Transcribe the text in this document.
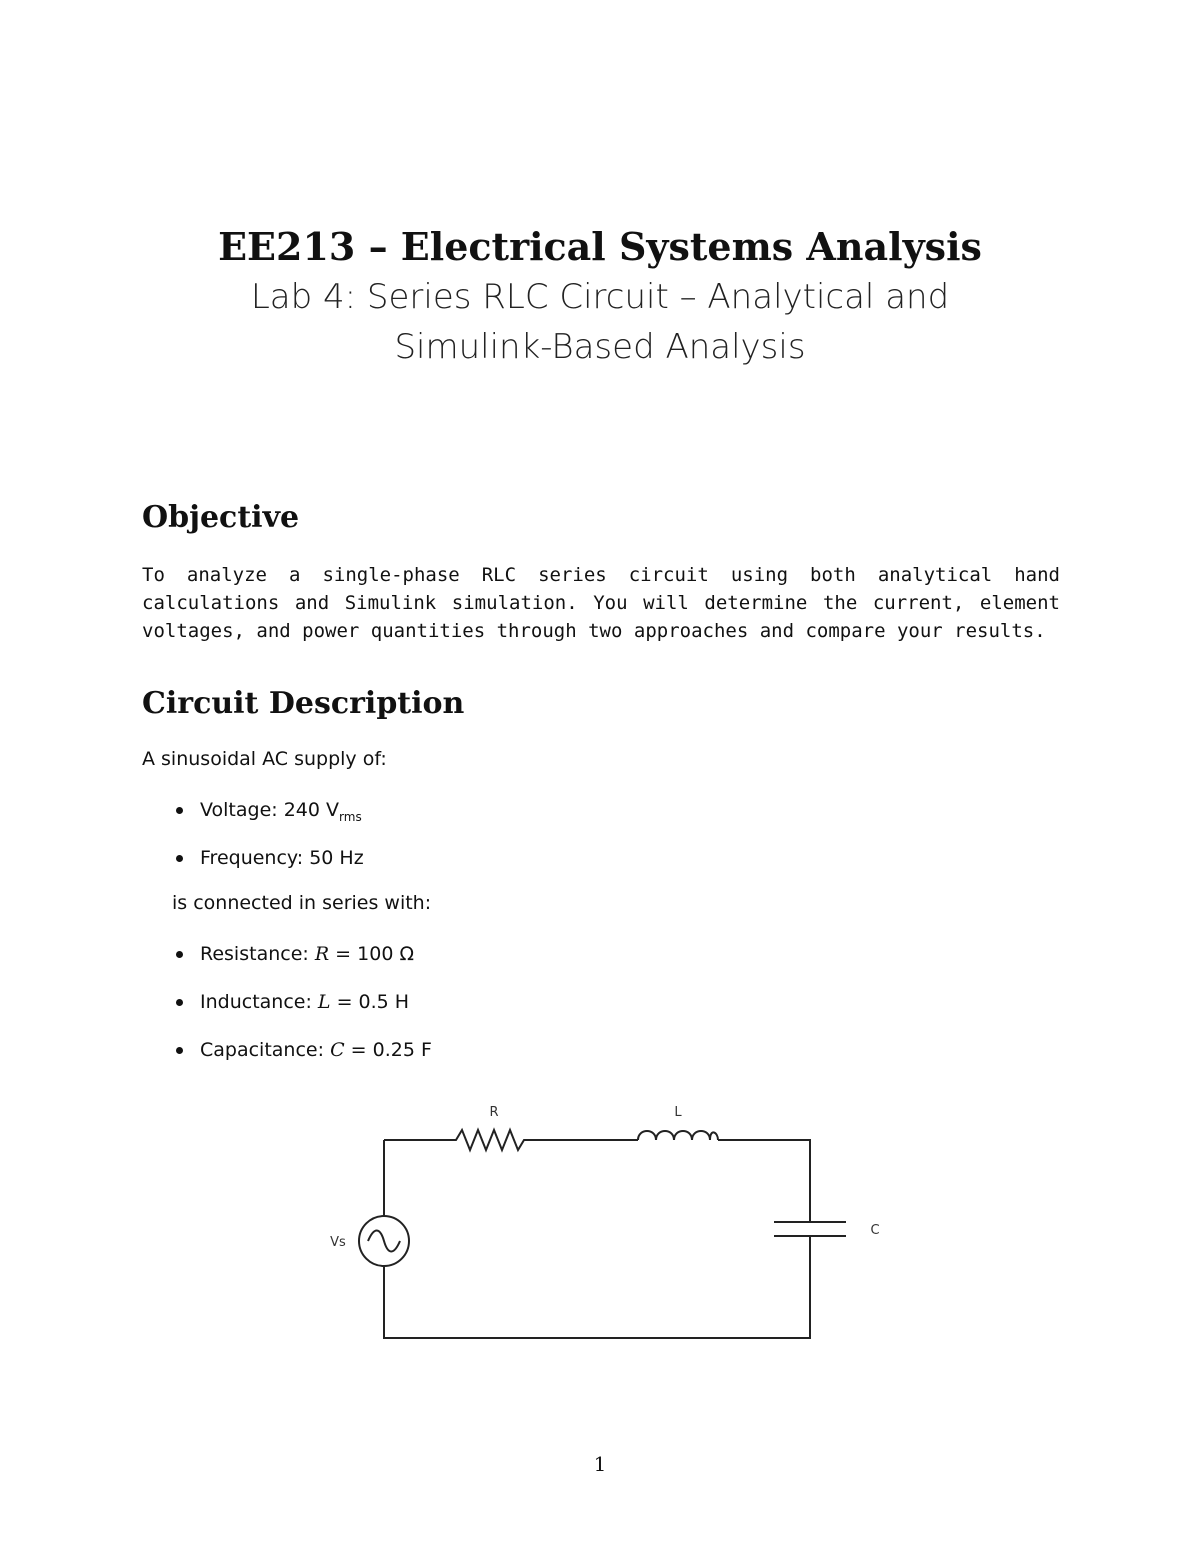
EE213 – Electrical Systems Analysis
Lab 4: Series RLC Circuit – Analytical and
Simulink-Based Analysis
Objective

To analyze a single-phase RLC series circuit using both analytical hand calculations and Simulink simulation. You will determine the current, element voltages, and power quantities through two approaches and compare your results.

Circuit Description

A sinusoidal AC supply of:

Voltage: 240 $V_{rms}$
Frequency: 50 Hz

is connected in series with:

Resistance: R = 100 Ω
Inductance: L = 0.5 H
Capacitance: C = 0.25 F
R	L
C
Vs
1
